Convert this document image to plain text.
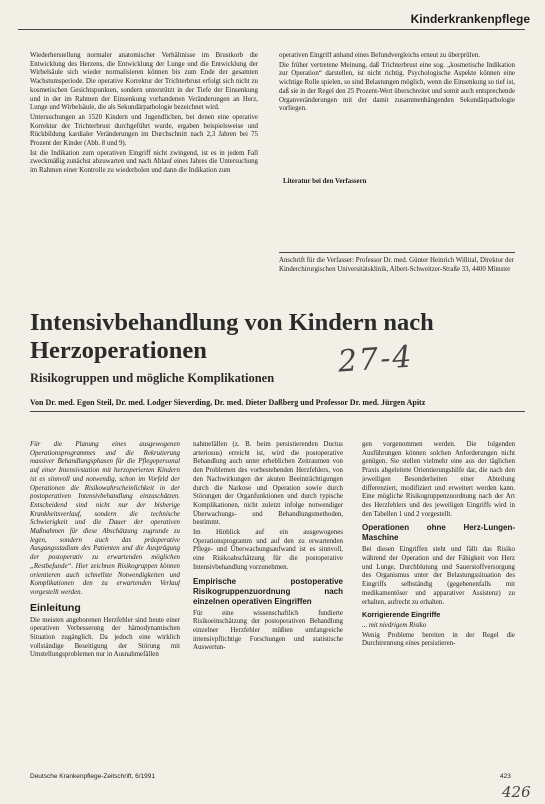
Kinderkrankenpflege

Wiederherstellung normaler anatomischer Verhältnisse im Brustkorb die Entwicklung des Herzens, die Entwicklung der Lunge und die Entwicklung der Wirbelsäule sich wieder normalisieren können bis zum Ende der gesamten Wachstumsperiode. Die operative Korrektur der Trichterbrust erfolgt sich nicht zu kosmetischen Gesichtspunkten, sondern unterstützt in der Tiefe der Einsenkung und in der im Rahmen der Einsenkung vorhandenen Veränderungen an Herz, Lunge und Wirbelsäule, die als Sekundärpathologie bezeichnet wird.

Untersuchungen an 1520 Kindern und Jugendlichen, bei denen eine operative Korrektur der Trichterbrust durchgeführt wurde, ergaben beispielsweise und Rückbildung kardialer Veränderungen im Durchschnitt nach 2,3 Jahren bei 75 Prozent der Kinder (Abb. 8 und 9).

Ist die Indikation zum operativen Eingriff nicht zwingend, ist es in jedem Fall zweckmäßig zunächst abzuwarten und nach Ablauf eines Jahres die Untersuchung im Rahmen einer Kontrolle zu wiederholen und dann die Indikation zum

operativen Eingriff anhand eines Befundvergleichs erneut zu überprüfen.

Die früher vertretene Meinung, daß Trichterbrust eine sog. „kosmetische Indikation zur Operation“ darstellen, ist nicht richtig. Psychologische Aspekte können eine wichtige Rolle spielen, so sind Belastungen möglich, wenn die Einsenkung so tief ist, daß sie in der Regel den 25 Prozent-Wert überschreitet und somit auch entsprechende Organveränderungen mit der damit zusammenhängenden Sekundärpathologie vorliegen.

Literatur bei den Verfassern
Anschrift für die Verfasser: Professor Dr. med. Günter Heinrich Willital, Direktor der Kinderchirurgischen Universitätsklinik, Albert-Schweitzer-Straße 33, 4400 Münster
Intensivbehandlung von Kindern nach Herzoperationen	27-4
Risikogruppen und mögliche Komplikationen
Von Dr. med. Egon Steil, Dr. med. Lodger Sieverding, Dr. med. Dieter Daßberg und Professor Dr. med. Jürgen Apitz

Für die Planung eines ausgewogenen Operationsprogrammes und die Rekrutierung massiver Behandlungsphasen für die Pflegepersonal auf einer Intensivstation mit herzoperierten Kindern ist es sinnvoll und notwendig, schon im Vorfeld der Operationen die Risikowahrscheinlichkeit in der postoperativen Intensivbehandlung einzuschätzen. Entscheidend sind nicht nur der bisherige Krankheitsverlauf, sondern die technische Schwierigkeit und die Dauer der operativen Maßnahmen für diese Abschätzung zugrunde zu legen, sondern auch das präoperative Ausgangsstadium des Patienten und die Ausprägung der postoperativ zu erwartenden möglichen „Restbefunde“. Hier zeichnen Risikogruppen können orientieren auch schnellste Notwendigkeiten und Komplikationen den zu erwartenden Verlauf vorgestellt werden.

Einleitung

Die meisten angeborenen Herzfehler sind heute einer operativen Verbesserung der hämodynamischen Situation zugänglich. Da jedoch eine wirklich vollständige Beseitigung der Störung mit Umstellungsproblemen nur in Ausnahmefällen

nahmefällen (z. B. beim persistierenden Ductus arteriosus) erreicht ist, wird die postoperative Behandlung auch unter erheblichen Zeitraumen von den Problemen des vorbestehenden Herzfehlers, von den Nachwirkungen der akuten Beeinträchtigungen durch die Narkose und Operation sowie durch Störungen der Organfunktionen und durch typische Komplikationen, nicht zuletzt infolge notwendiger Überwachungs- und Behandlungsmethoden, bestimmt.

Im Hinblick auf ein ausgewogenes Operationsprogramm und auf den zu erwartenden Pflege- und Überwachungsaufwand ist es sinnvoll, eine Risikoabschätzung für die postoperative Intensivbehandlung vorzunehmen.

Empirische postoperative Risikogruppenzuordnung nach einzelnen operativen Eingriffen

Für eine wissenschaftlich fundierte Risikoeinschätzung der postoperativen Behandlung einzelner Herzfehler müßten umfangreiche intensivpflichtige Forschungen und statistische Auswertun-

gen vorgenommen werden. Die folgenden Ausführungen können solchen Anforderungen nicht genügen. Sie stellen vielmehr eine aus der täglichen Praxis abgeleitete Orientierungshilfe dar, die nach den jeweiligen Besonderheiten einer Abteilung differenziert, modifiziert und erweitert werden kann. Eine mögliche Risikogruppenzuordnung nach der Art des Herzfehlers und des jeweiligen Eingriffs wird in den Tabellen 1 und 2 vorgestellt.

Operationen ohne Herz-Lungen-Maschine

Bei diesen Eingriffen steht und fällt das Risiko während der Operation und der Fähigkeit von Herz und Lunge, Durchblutung und Sauerstoffversorgung des Organismus unter der Belastungssituation des Eingriffs selbständig (gegebenenfalls mit medikamentöser und apparativer Assistenz) zu erhalten, aufrecht zu erhalten.

Korrigierende Eingriffe

... mit niedrigem Risiko

Wenig Probleme bereiten in der Regel die Durchtrennung eines persistieren-

Deutsche Krankenpflege-Zeitschrift, 6/1991	423
426
